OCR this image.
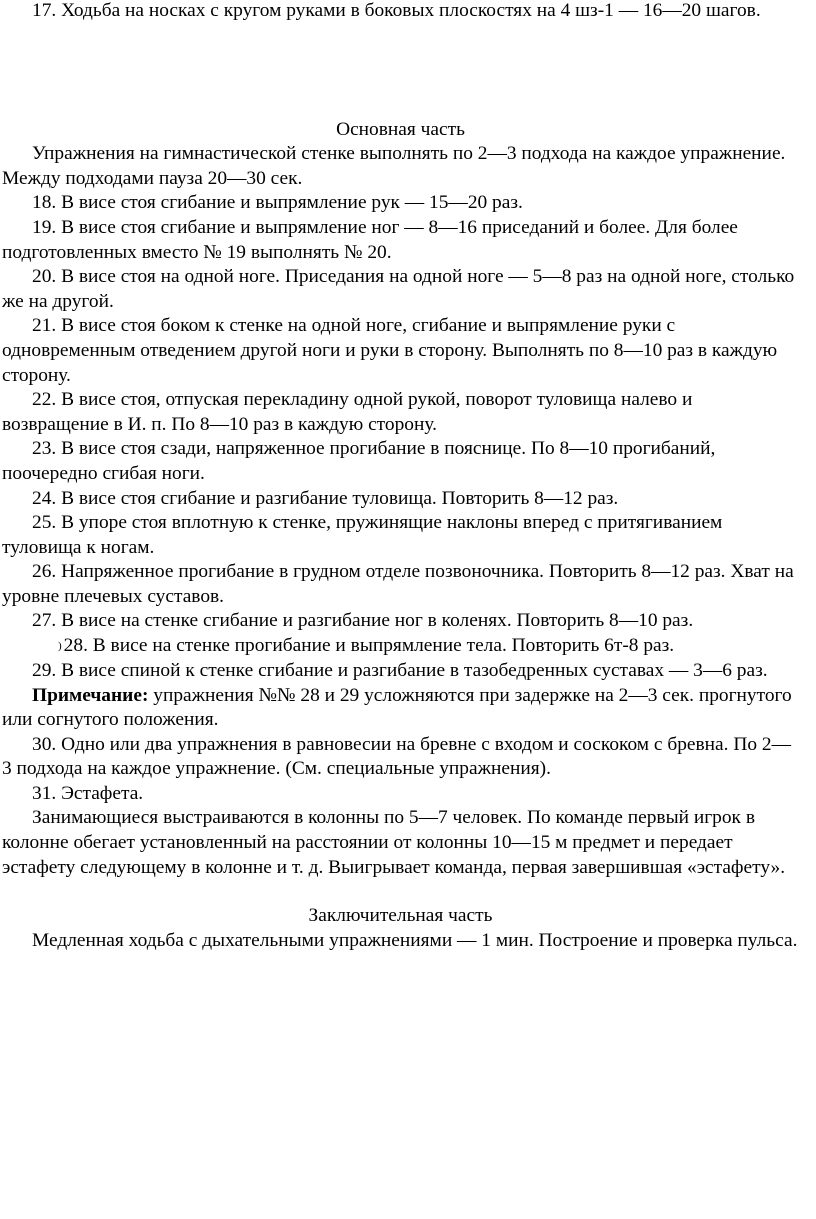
17. Ходьба на носках с кругом руками в боковых плоскостях на 4 шз-1 — 16—20 шагов.

Основная часть

Упражнения на гимнастической стенке выполнять по 2—3 подхода на каждое упражнение. Между подходами пауза 20—30 сек.

18. В висе стоя сгибание и выпрямление рук — 15—20 раз.

19. В висе стоя сгибание и выпрямление ног — 8—16 приседаний и более. Для более подготовленных вместо № 19 выполнять № 20.

20. В висе стоя на одной ноге. Приседания на одной ноге — 5—8 раз на одной ноге, столько же на другой.

21. В висе стоя боком к стенке на одной ноге, сгибание и выпрямление руки с одновременным отведением другой ноги и руки в сторону. Выполнять по 8—10 раз в каждую сторону.

22. В висе стоя, отпуская перекладину одной рукой, поворот туловища налево и возвращение в И. п. По 8—10 раз в каждую сторону.

23. В висе стоя сзади, напряженное прогибание в пояснице. По 8—10 прогибаний, поочередно сгибая ноги.

24. В висе стоя сгибание и разгибание туловища. Повторить 8—12 раз.

25. В упоре стоя вплотную к стенке, пружинящие наклоны вперед с притягиванием туловища к ногам.

26. Напряженное прогибание в грудном отделе позвоночника. Повторить 8—12 раз. Хват на уровне плечевых суставов.

27. В висе на стенке сгибание и разгибание ног в коленях. Повторить 8—10 раз.

) 28. В висе на стенке прогибание и выпрямление тела. Повторить 6т-8 раз.

29. В висе спиной к стенке сгибание и разгибание в тазобедренных суставах — 3—6 раз.

Примечание: упражнения №№ 28 и 29 усложняются при задержке на 2—3 сек. прогнутого или согнутого положения.

30. Одно или два упражнения в равновесии на бревне с входом и соскоком с бревна. По 2—3 подхода на каждое упражнение. (См. специальные упражнения).

31. Эстафета.

Занимающиеся выстраиваются в колонны по 5—7 человек. По команде первый игрок в колонне обегает установленный на расстоянии от колонны 10—15 м предмет и передает эстафету следующему в колонне и т. д. Выигрывает команда, первая завершившая «эстафету».

Заключительная часть

Медленная ходьба с дыхательными упражнениями — 1 мин. Построение и проверка пульса.
